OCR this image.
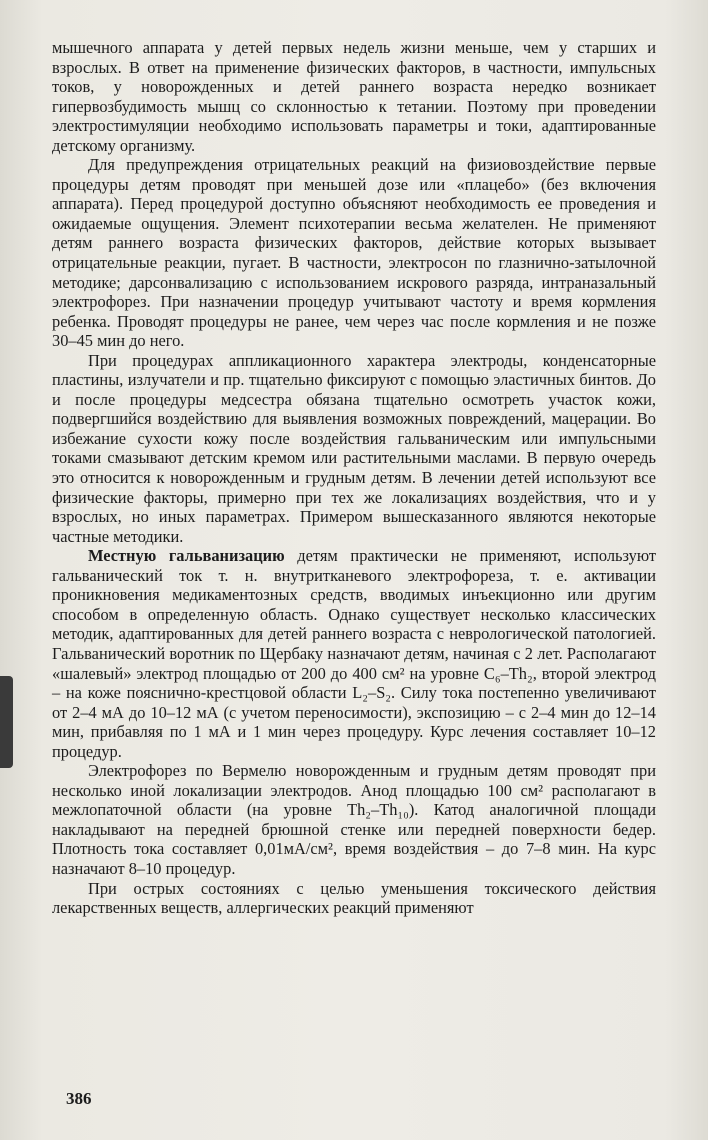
мышечного аппарата у детей первых недель жизни меньше, чем у старших и взрослых. В ответ на применение физических факторов, в частности, импульсных токов, у новорожденных и детей раннего возраста нередко возникает гипервозбудимость мышц со склонностью к тетании. Поэтому при проведении электростимуляции необходимо использовать параметры и токи, адаптированные детскому организму.

Для предупреждения отрицательных реакций на физиовоздействие первые процедуры детям проводят при меньшей дозе или «плацебо» (без включения аппарата). Перед процедурой доступно объясняют необходимость ее проведения и ожидаемые ощущения. Элемент психотерапии весьма желателен. Не применяют детям раннего возраста физических факторов, действие которых вызывает отрицательные реакции, пугает. В частности, электросон по глазнично-затылочной методике; дарсонвализацию с использованием искрового разряда, интраназальный электрофорез. При назначении процедур учитывают частоту и время кормления ребенка. Проводят процедуры не ранее, чем через час после кормления и не позже 30–45 мин до него.

При процедурах аппликационного характера электроды, конденсаторные пластины, излучатели и пр. тщательно фиксируют с помощью эластичных бинтов. До и после процедуры медсестра обязана тщательно осмотреть участок кожи, подвергшийся воздействию для выявления возможных повреждений, мацерации. Во избежание сухости кожу после воздействия гальваническим или импульсными токами смазывают детским кремом или растительными маслами. В первую очередь это относится к новорожденным и грудным детям. В лечении детей используют все физические факторы, примерно при тех же локализациях воздействия, что и у взрослых, но иных параметрах. Примером вышесказанного являются некоторые частные методики.

Местную гальванизацию детям практически не применяют, используют гальванический ток т. н. внутритканевого электрофореза, т. е. активации проникновения медикаментозных средств, вводимых инъекционно или другим способом в определенную область. Однако существует несколько классических методик, адаптированных для детей раннего возраста с неврологической патологией. Гальванический воротник по Щербаку назначают детям, начиная с 2 лет. Располагают «шалевый» электрод площадью от 200 до 400 см² на уровне C₆–Th₂, второй электрод – на коже пояснично-крестцовой области L₂–S₂. Силу тока постепенно увеличивают от 2–4 мА до 10–12 мА (с учетом переносимости), экспозицию – с 2–4 мин до 12–14 мин, прибавляя по 1 мА и 1 мин через процедуру. Курс лечения составляет 10–12 процедур.

Электрофорез по Вермелю новорожденным и грудным детям проводят при несколько иной локализации электродов. Анод площадью 100 см² располагают в межлопаточной области (на уровне Th₂–Th₁₀). Катод аналогичной площади накладывают на передней брюшной стенке или передней поверхности бедер. Плотность тока составляет 0,01мА/см², время воздействия – до 7–8 мин. На курс назначают 8–10 процедур.

При острых состояниях с целью уменьшения токсического действия лекарственных веществ, аллергических реакций применяют

386
